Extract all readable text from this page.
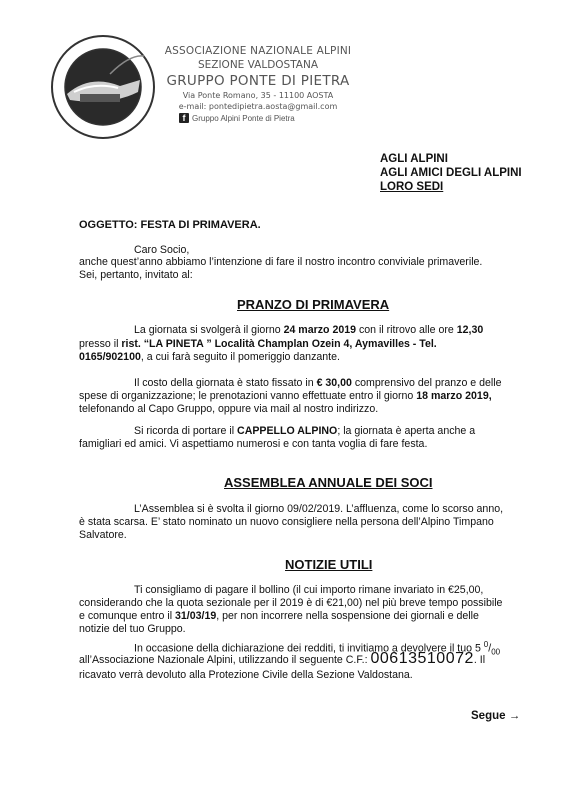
ASSOCIAZIONE NAZIONALE ALPINI
SEZIONE VALDOSTANA
GRUPPO PONTE DI PIETRA
Via Ponte Romano, 35 - 11100 AOSTA
e-mail: pontedipietra.aosta@gmail.com
f Gruppo Alpini Ponte di Pietra
AGLI ALPINI
AGLI AMICI DEGLI ALPINI
LORO SEDI
OGGETTO: FESTA DI PRIMAVERA.
Caro Socio,
anche quest’anno abbiamo l’intenzione di fare il nostro incontro conviviale primaverile.
Sei, pertanto, invitato al:
PRANZO DI PRIMAVERA
La giornata si svolgerà il giorno 24 marzo 2019 con il ritrovo alle ore 12,30
presso il rist. “LA PINETA ” Località Champlan Ozein 4, Aymavilles - Tel.
0165/902100, a cui farà seguito il pomeriggio danzante.
Il costo della giornata è stato fissato in € 30,00 comprensivo del pranzo e delle
spese di organizzazione; le prenotazioni vanno effettuate entro il giorno 18 marzo 2019,
telefonando al Capo Gruppo, oppure via mail al nostro indirizzo.
Si ricorda di portare il CAPPELLO ALPINO; la giornata è aperta anche a
famigliari ed amici. Vi aspettiamo numerosi e con tanta voglia di fare festa.
ASSEMBLEA ANNUALE DEI SOCI
L’Assemblea si è svolta il giorno 09/02/2019. L’affluenza, come lo scorso anno,
è stata scarsa. E’ stato nominato un nuovo consigliere nella persona dell’Alpino Timpano
Salvatore.
NOTIZIE UTILI
Ti consigliamo di pagare il bollino (il cui importo rimane invariato in €25,00,
considerando che la quota sezionale per il 2019 è di €21,00) nel più breve tempo possibile
e comunque entro il 31/03/19, per non incorrere nella sospensione dei giornali e delle
notizie del tuo Gruppo.
In occasione della dichiarazione dei redditi, ti invitiamo a devolvere il tuo 5 $^0/_{00}$
all’Associazione Nazionale Alpini, utilizzando il seguente C.F.: 00613510072. Il
ricavato verrà devoluto alla Protezione Civile della Sezione Valdostana.
Segue →
